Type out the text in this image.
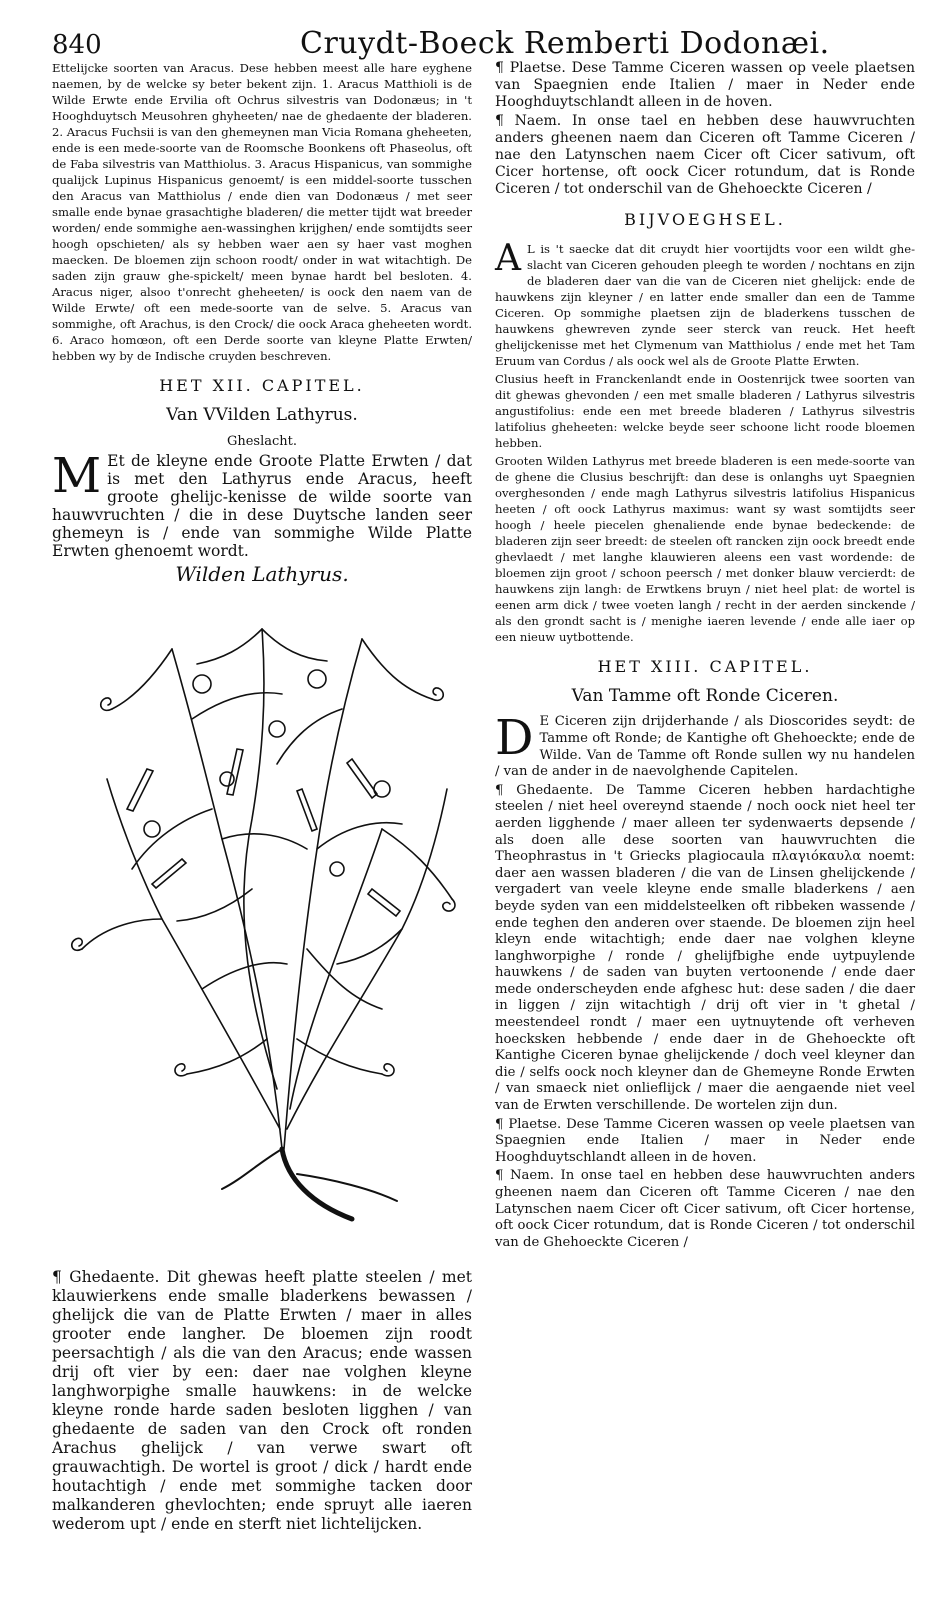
840	Cruydt-Boeck Remberti Dodonæi.

Ettelijcke soorten van Aracus. Dese hebben meest alle hare eyghene naemen, by de welcke sy beter bekent zijn. 1. Aracus Matthioli is de Wilde Erwte ende Ervilia oft Ochrus silvestris van Dodonæus; in 't Hooghduytsch Meusohren ghyheeten/ nae de ghedaente der bladeren. 2. Aracus Fuchsii is van den ghemeynen man Vicia Romana gheheeten, ende is een mede-soorte van de Roomsche Boonkens oft Phaseolus, oft de Faba silvestris van Matthiolus. 3. Aracus Hispanicus, van sommighe qualijck Lupinus Hispanicus genoemt/ is een middel-soorte tusschen den Aracus van Matthiolus / ende dien van Dodonæus / met seer smalle ende bynae grasachtighe bladeren/ die metter tijdt wat breeder worden/ ende sommighe aen-wassinghen krijghen/ ende somtijdts seer hoogh opschieten/ als sy hebben waer aen sy haer vast moghen maecken. De bloemen zijn schoon roodt/ onder in wat witachtigh. De saden zijn grauw ghe-spickelt/ meen bynae hardt bel besloten. 4. Aracus niger, alsoo t'onrecht gheheeten/ is oock den naem van de Wilde Erwte/ oft een mede-soorte van de selve. 5. Aracus van sommighe, oft Arachus, is den Crock/ die oock Araca gheheeten wordt. 6. Araco homœon, oft een Derde soorte van kleyne Platte Erwten/ hebben wy by de Indische cruyden beschreven.

HET XII. CAPITEL.
Van VVilden Lathyrus.
Gheslacht.

M Et de kleyne ende Groote Platte Erwten / dat is met den Lathyrus ende Aracus, heeft groote ghelijc-kenisse de wilde soorte van hauwvruchten / die in dese Duytsche landen seer ghemeyn is / ende van sommighe Wilde Platte Erwten ghenoemt wordt.

Wilden Lathyrus.

¶ Ghedaente. Dit ghewas heeft platte steelen / met klauwierkens ende smalle bladerkens bewassen / ghelijck die van de Platte Erwten / maer in alles grooter ende langher. De bloemen zijn roodt peersachtigh / als die van den Aracus; ende wassen drij oft vier by een: daer nae volghen kleyne langhworpighe smalle hauwkens: in de welcke kleyne ronde harde saden besloten ligghen / van ghedaente de saden van den Crock oft ronden Arachus ghelijck / van verwe swart oft grauwachtigh. De wortel is groot / dick / hardt ende houtachtigh / ende met sommighe tacken door malkanderen ghevlochten; ende spruyt alle iaeren wederom upt / ende en sterft niet lichtelijcken.

¶ Plaetse. Dese Tamme Ciceren wassen op veele plaetsen van Spaegnien ende Italien / maer in Neder ende Hooghduytschlandt alleen in de hoven.

¶ Naem. In onse tael en hebben dese hauwvruchten anders gheenen naem dan Ciceren oft Tamme Ciceren / nae den Latynschen naem Cicer oft Cicer sativum, oft Cicer hortense, oft oock Cicer rotundum, dat is Ronde Ciceren / tot onderschil van de Ghehoeckte Ciceren /

BIJVOEGHSEL.

A L is 't saecke dat dit cruydt hier voortijdts voor een wildt ghe-slacht van Ciceren gehouden pleegh te worden / nochtans en zijn de bladeren daer van die van de Ciceren niet ghelijck: ende de hauwkens zijn kleyner / en latter ende smaller dan een de Tamme Ciceren. Op sommighe plaetsen zijn de bladerkens tusschen de hauwkens ghewreven zynde seer sterck van reuck. Het heeft ghelijckenisse met het Clymenum van Matthiolus / ende met het Tam Eruum van Cordus / als oock wel als de Groote Platte Erwten.

Clusius heeft in Franckenlandt ende in Oostenrijck twee soorten van dit ghewas ghevonden / een met smalle bladeren / Lathyrus silvestris angustifolius: ende een met breede bladeren / Lathyrus silvestris latifolius gheheeten: welcke beyde seer schoone licht roode bloemen hebben.

Grooten Wilden Lathyrus met breede bladeren is een mede-soorte van de ghene die Clusius beschrijft: dan dese is onlanghs uyt Spaegnien overghesonden / ende magh Lathyrus silvestris latifolius Hispanicus heeten / oft oock Lathyrus maximus: want sy wast somtijdts seer hoogh / heele piecelen ghenaliende ende bynae bedeckende: de bladeren zijn seer breedt: de steelen oft rancken zijn oock breedt ende ghevlaedt / met langhe klauwieren aleens een vast wordende: de bloemen zijn groot / schoon peersch / met donker blauw vercierdt: de hauwkens zijn langh: de Erwtkens bruyn / niet heel plat: de wortel is eenen arm dick / twee voeten langh / recht in der aerden sinckende / als den grondt sacht is / menighe iaeren levende / ende alle iaer op een nieuw uytbottende.

HET XIII. CAPITEL.
Van Tamme oft Ronde Ciceren.

D E Ciceren zijn drijderhande / als Dioscorides seydt: de Tamme oft Ronde; de Kantighe oft Ghehoeckte; ende de Wilde. Van de Tamme oft Ronde sullen wy nu handelen / van de ander in de naevolghende Capitelen.

¶ Ghedaente. De Tamme Ciceren hebben hardachtighe steelen / niet heel overeynd staende / noch oock niet heel ter aerden ligghende / maer alleen ter sydenwaerts depsende / als doen alle dese soorten van hauwvruchten die Theophrastus in 't Griecks plagiocaula πλαγιόκαυλα noemt: daer aen wassen bladeren / die van de Linsen ghelijckende / vergadert van veele kleyne ende smalle bladerkens / aen beyde syden van een middelsteelken oft ribbeken wassende / ende teghen den anderen over staende. De bloemen zijn heel kleyn ende witachtigh; ende daer nae volghen kleyne langhworpighe / ronde / ghelijfbighe ende uytpuylende hauwkens / de saden van buyten vertoonende / ende daer mede onderscheyden ende afghesc hut: dese saden / die daer in liggen / zijn witachtigh / drij oft vier in 't ghetal / meestendeel rondt / maer een uytnuytende oft verheven hoecksken hebbende / ende daer in de Ghehoeckte oft Kantighe Ciceren bynae ghelijckende / doch veel kleyner dan die / selfs oock noch kleyner dan de Ghemeyne Ronde Erwten / van smaeck niet onlieflijck / maer die aengaende niet veel van de Erwten verschillende. De wortelen zijn dun.

¶ Plaetse. Dese Tamme Ciceren wassen op veele plaetsen van Spaegnien ende Italien / maer in Neder ende Hooghduytschlandt alleen in de hoven.

¶ Naem. In onse tael en hebben dese hauwvruchten anders gheenen naem dan Ciceren oft Tamme Ciceren / nae den Latynschen naem Cicer oft Cicer sativum, oft Cicer hortense, oft oock Cicer rotundum, dat is Ronde Ciceren / tot onderschil van de Ghehoeckte Ciceren /
